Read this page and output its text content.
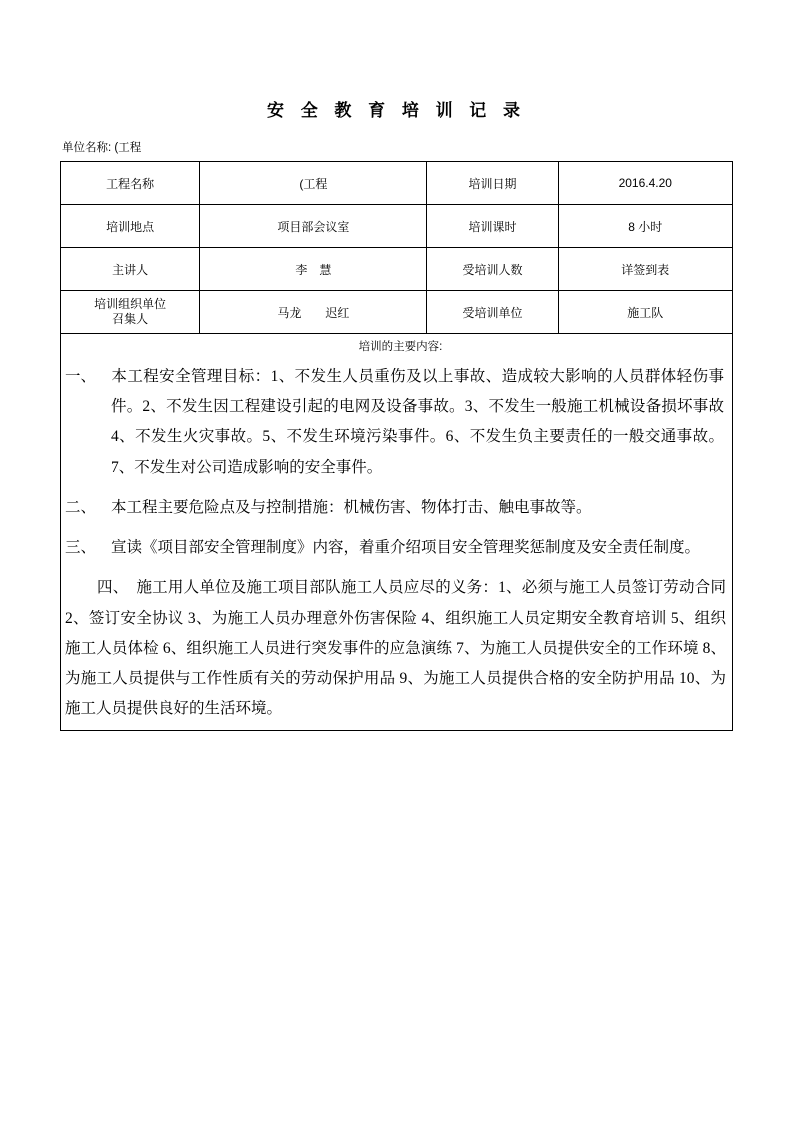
安 全 教 育 培 训 记 录
单位名称: (工程
工程名称	(工程	培训日期	2016.4.20
培训地点	项目部会议室	培训课时	8 小时
主讲人	李　慧	受培训人数	详签到表

培训组织单位
召集人	马龙　　迟红	受培训单位	施工队

培训的主要内容:

一、 本工程安全管理目标：1、不发生人员重伤及以上事故、造成较大影响的人员群体轻伤事件。2、不发生因工程建设引起的电网及设备事故。3、不发生一般施工机械设备损坏事故 4、不发生火灾事故。5、不发生环境污染事件。6、不发生负主要责任的一般交通事故。7、不发生对公司造成影响的安全事件。

二、 本工程主要危险点及与控制措施：机械伤害、物体打击、触电事故等。

三、 宣读《项目部安全管理制度》内容，着重介绍项目安全管理奖惩制度及安全责任制度。

四、　 施工用人单位及施工项目部队施工人员应尽的义务：1、必须与施工人员签订劳动合同 2、签订安全协议 3、为施工人员办理意外伤害保险 4、组织施工人员定期安全教育培训 5、组织施工人员体检 6、组织施工人员进行突发事件的应急演练 7、为施工人员提供安全的工作环境 8、为施工人员提供与工作性质有关的劳动保护用品 9、为施工人员提供合格的安全防护用品 10、为施工人员提供良好的生活环境。			
